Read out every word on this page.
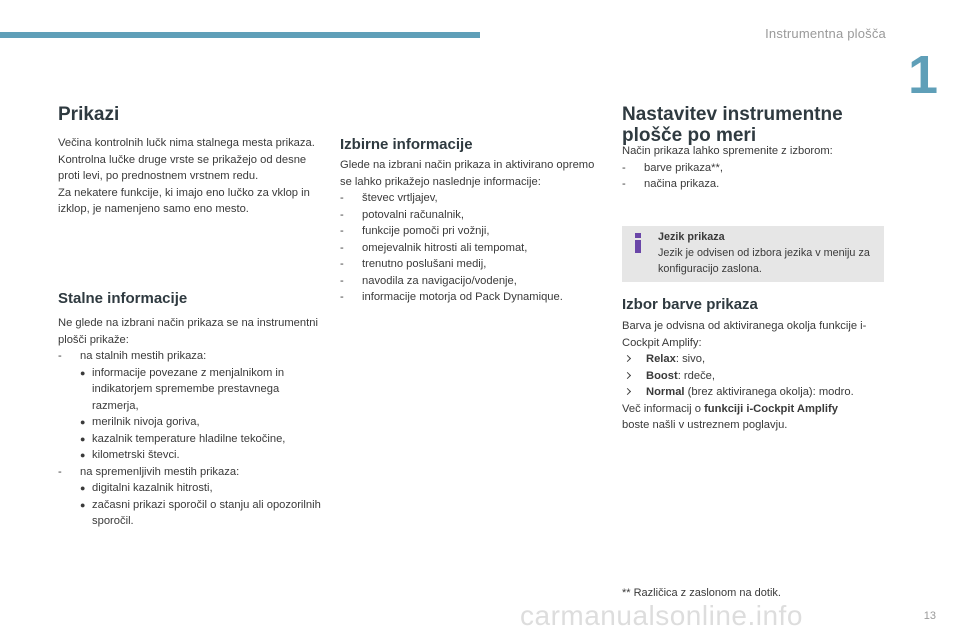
Instrumentna plošča
1
Prikazi

Večina kontrolnih lučk nima stalnega mesta prikaza.

Kontrolna lučke druge vrste se prikažejo od desne proti levi, po prednostnem vrstnem redu.

Za nekatere funkcije, ki imajo eno lučko za vklop in izklop, je namenjeno samo eno mesto.

Stalne informacije

Ne glede na izbrani način prikaza se na instrumentni plošči prikaže:

- na stalnih mestih prikaza:
● informacije povezane z menjalnikom in indikatorjem spremembe prestavnega razmerja,
● merilnik nivoja goriva,
● kazalnik temperature hladilne tekočine,
● kilometrski števci.
- na spremenljivih mestih prikaza:
● digitalni kazalnik hitrosti,
● začasni prikazi sporočil o stanju ali opozorilnih sporočil.
Izbirne informacije

Glede na izbrani način prikaza in aktivirano opremo se lahko prikažejo naslednje informacije:

- števec vrtljajev,
- potovalni računalnik,
- funkcije pomoči pri vožnji,
- omejevalnik hitrosti ali tempomat,
- trenutno poslušani medij,
- navodila za navigacijo/vodenje,
- informacije motorja od Pack Dynamique.
Nastavitev instrumentne
plošče po meri

Način prikaza lahko spremenite z izborom:

- barve prikaza**,
- načina prikaza.
Izbor barve prikaza

Barva je odvisna od aktiviranega okolja funkcije i-Cockpit Amplify:

Relax: sivo,
Boost: rdeče,
Normal (brez aktiviranega okolja): modro.

Več informacij o funkciji i-Cockpit Amplify

boste našli v ustreznem poglavju.

Jezik prikaza

Jezik je odvisen od izbora jezika v meniju za konfiguracijo zaslona.

** Različica z zaslonom na dotik.
carmanualsonline.info	13
